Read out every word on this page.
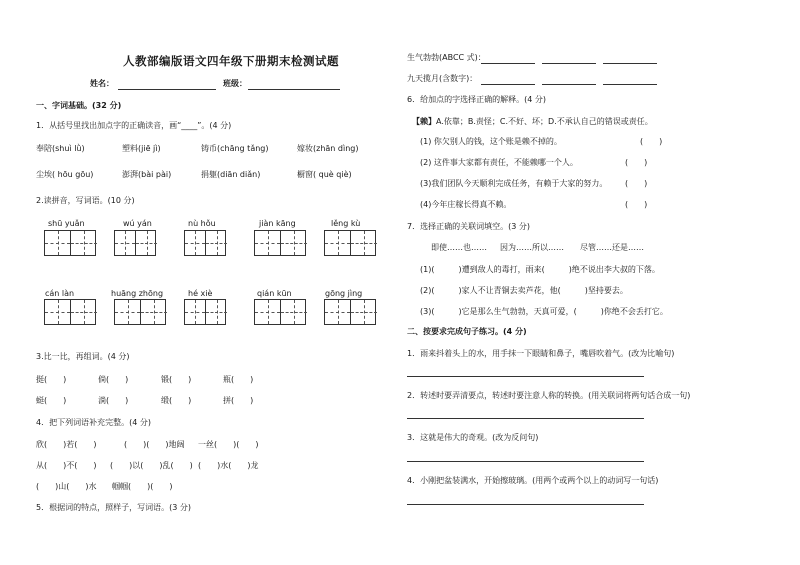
人教部编版语文四年级下册期末检测试题
姓名：	班级：
一、字词基础。(32 分)
1．从括号里找出加点字的正确读音，画“____”。(4 分)
奉陪(shuì lǜ)	塑料(jiē jì)	铸币(chāng tǎng)	嫁妆(zhān dìng)
尘埃( hōu gōu)	澎湃(bài pài)	捐躯(diān diǎn)	橱窗( què qiè)
2.读拼音，写词语。(10 分)
shū yuǎn	wú yán	nù hǒu	jiàn kāng	lěng kù
cán làn	huāng zhōng	hé xiè	qián kūn	gōng jìng
3.比一比，再组词。(4 分)
挺(　　)	倘(　　)	锻(　　)	瓶(　　)
蜓(　　)	淌(　　)	缎(　　)	拼(　　)
4．把下列词语补充完整。(4 分)
欣(　　)若(　　)	(　　)(　　)地阔 一丝(　　)(　　)
从(　　)不(　　) (　　)以(　　)乱(　　) (　　)水(　　)龙
(　　)山(　　)水 帼帼(　　)(　　)
5．根据词的特点，照样子，写词语。(3 分)
生气勃勃(ABCC 式)：
九天揽月(含数字)：
6．给加点的字选择正确的解释。(4 分)
【赖】A.依靠；B.责怪；C.不好、坏；D.不承认自己的错误或责任。
(1) 你欠别人的钱，这个账是赖不掉的。	(　　)
(2) 这件事大家都有责任，不能赖哪一个人。	(　　)
(3)我们团队今天顺利完成任务，有赖于大家的努力。 (　　)
(4)今年庄稼长得真不赖。	(　　)
7．选择正确的关联词填空。(3 分)
即使……也…… 因为……所以…… 尽管……还是……
(1)(　　　)遭到敌人的毒打，雨来(　　　)绝不说出李大叔的下落。
(2)(　　　)家人不让青铜去卖芦花，他(　　　)坚持要去。
(3)(　　　)它是那么生气勃勃，天真可爱，(　　　)你绝不会丢打它。
二、按要求完成句子练习。(4 分)
1．雨来抖着头上的水，用手抹一下眼睛和鼻子，嘴唇吹着气。(改为比喻句)
2．转述时要弄清要点，转述时要注意人称的转换。(用关联词将两句话合成一句)
3．这就是伟大的奇观。(改为反问句)
4．小刚把盆装满水，开始擦玻璃。(用两个或两个以上的动词写一句话)
